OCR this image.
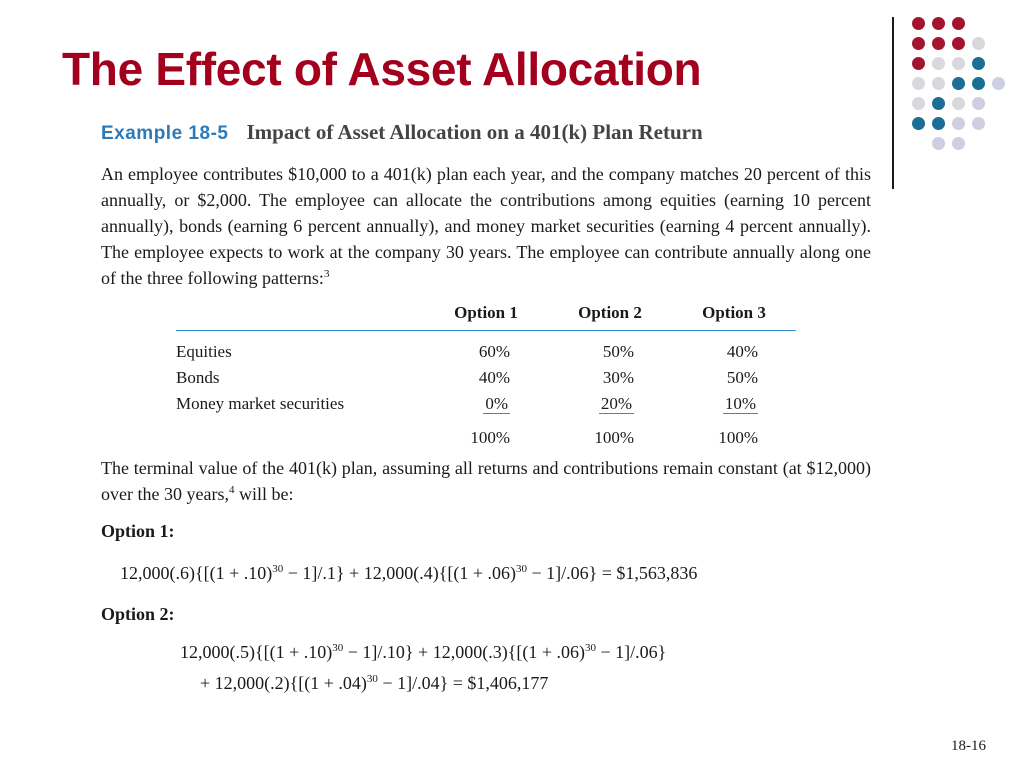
The Effect of Asset Allocation
Example 18-5 Impact of Asset Allocation on a 401(k) Plan Return

An employee contributes $10,000 to a 401(k) plan each year, and the company matches 20 percent of this annually, or $2,000. The employee can allocate the contributions among equities (earning 10 percent annually), bonds (earning 6 percent annually), and money market securities (earning 4 percent annually). The employee expects to work at the company 30 years. The employee can contribute annually along one of the three following patterns:$^3$

	Option 1	Option 2	Option 3
Equities	60%	50%	40%
Bonds	40%	30%	50%
Money market securities	0%	20%	10%
	100%	100%	100%

The terminal value of the 401(k) plan, assuming all returns and contributions remain constant (at $12,000) over the 30 years,$^4$ will be:

Option 1:

$12,000(.6)\{[(1 + .10)^{30} - 1]/.1\} + 12,000(.4)\{[(1 + .06)^{30} - 1]/.06\}$ = $1,563,836

Option 2:

$12,000(.5)\{[(1 + .10)^{30} - 1]/.10\} + 12,000(.3)\{[(1 + .06)^{30} - 1]/.06\}$

+ $12,000(.2)\{[(1 + .04)^{30} - 1]/.04\}$ = $1,406,177

18-16
